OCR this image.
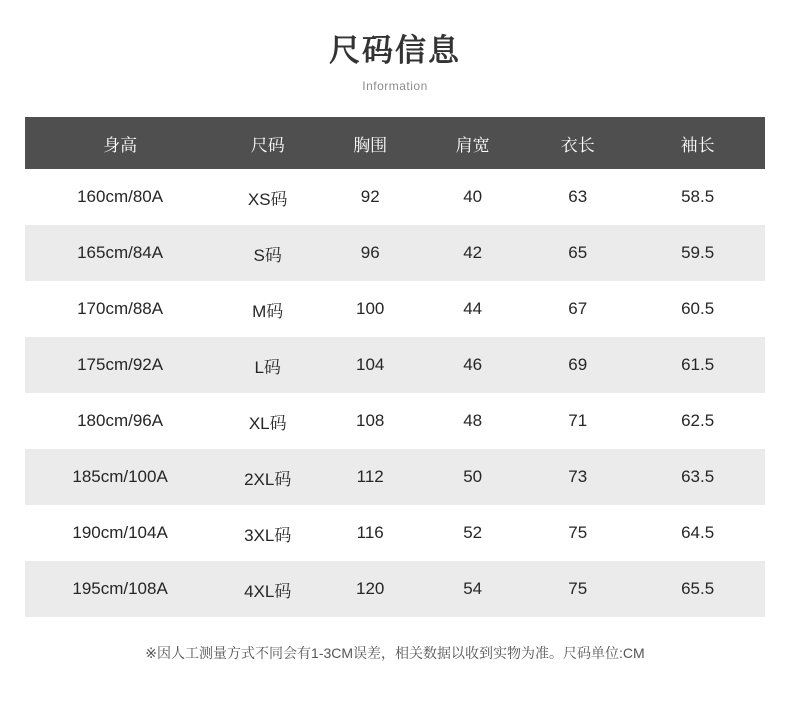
尺码信息
Information
身高	尺码	胸围	肩宽	衣长	袖长
160cm/80A	XS码	92	40	63	58.5
165cm/84A	S码	96	42	65	59.5
170cm/88A	M码	100	44	67	60.5
175cm/92A	L码	104	46	69	61.5
180cm/96A	XL码	108	48	71	62.5
185cm/100A	2XL码	112	50	73	63.5
190cm/104A	3XL码	116	52	75	64.5
195cm/108A	4XL码	120	54	75	65.5
※因人工测量方式不同会有1-3CM误差，相关数据以收到实物为准。尺码单位:CM
